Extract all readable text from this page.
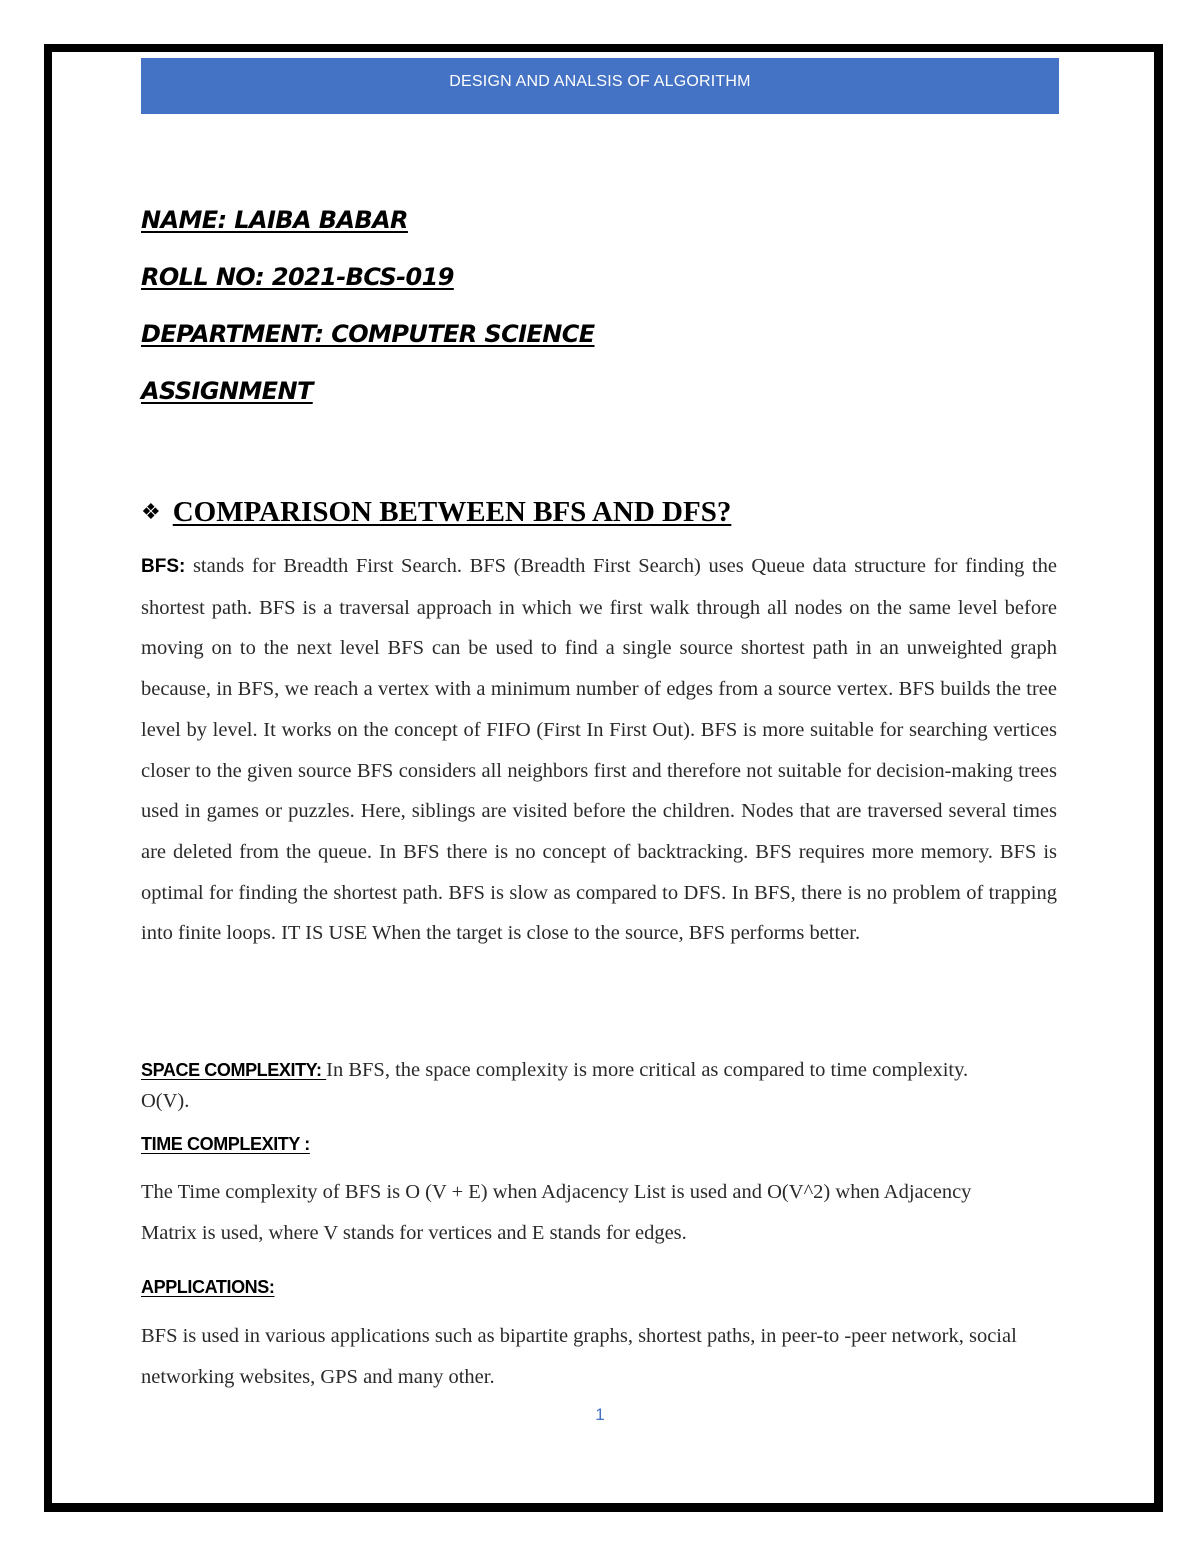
DESIGN AND ANALSIS OF ALGORITHM
NAME: LAIBA BABAR
ROLL NO: 2021-BCS-019
DEPARTMENT: COMPUTER SCIENCE
ASSIGNMENT
❖ COMPARISON BETWEEN BFS AND DFS?

BFS: stands for Breadth First Search. BFS (Breadth First Search) uses Queue data structure for finding the shortest path. BFS is a traversal approach in which we first walk through all nodes on the same level before moving on to the next level BFS can be used to find a single source shortest path in an unweighted graph because, in BFS, we reach a vertex with a minimum number of edges from a source vertex. BFS builds the tree level by level. It works on the concept of FIFO (First In First Out). BFS is more suitable for searching vertices closer to the given source BFS considers all neighbors first and therefore not suitable for decision-making trees used in games or puzzles. Here, siblings are visited before the children. Nodes that are traversed several times are deleted from the queue. In BFS there is no concept of backtracking. BFS requires more memory. BFS is optimal for finding the shortest path. BFS is slow as compared to DFS. In BFS, there is no problem of trapping into finite loops. IT IS USE When the target is close to the source, BFS performs better.

SPACE COMPLEXITY: In BFS, the space complexity is more critical as compared to time complexity. O(V).

TIME COMPLEXITY :

The Time complexity of BFS is O (V + E) when Adjacency List is used and O(V^2) when Adjacency Matrix is used, where V stands for vertices and E stands for edges.

APPLICATIONS:

BFS is used in various applications such as bipartite graphs, shortest paths, in peer-to -peer network, social networking websites, GPS and many other.

1
